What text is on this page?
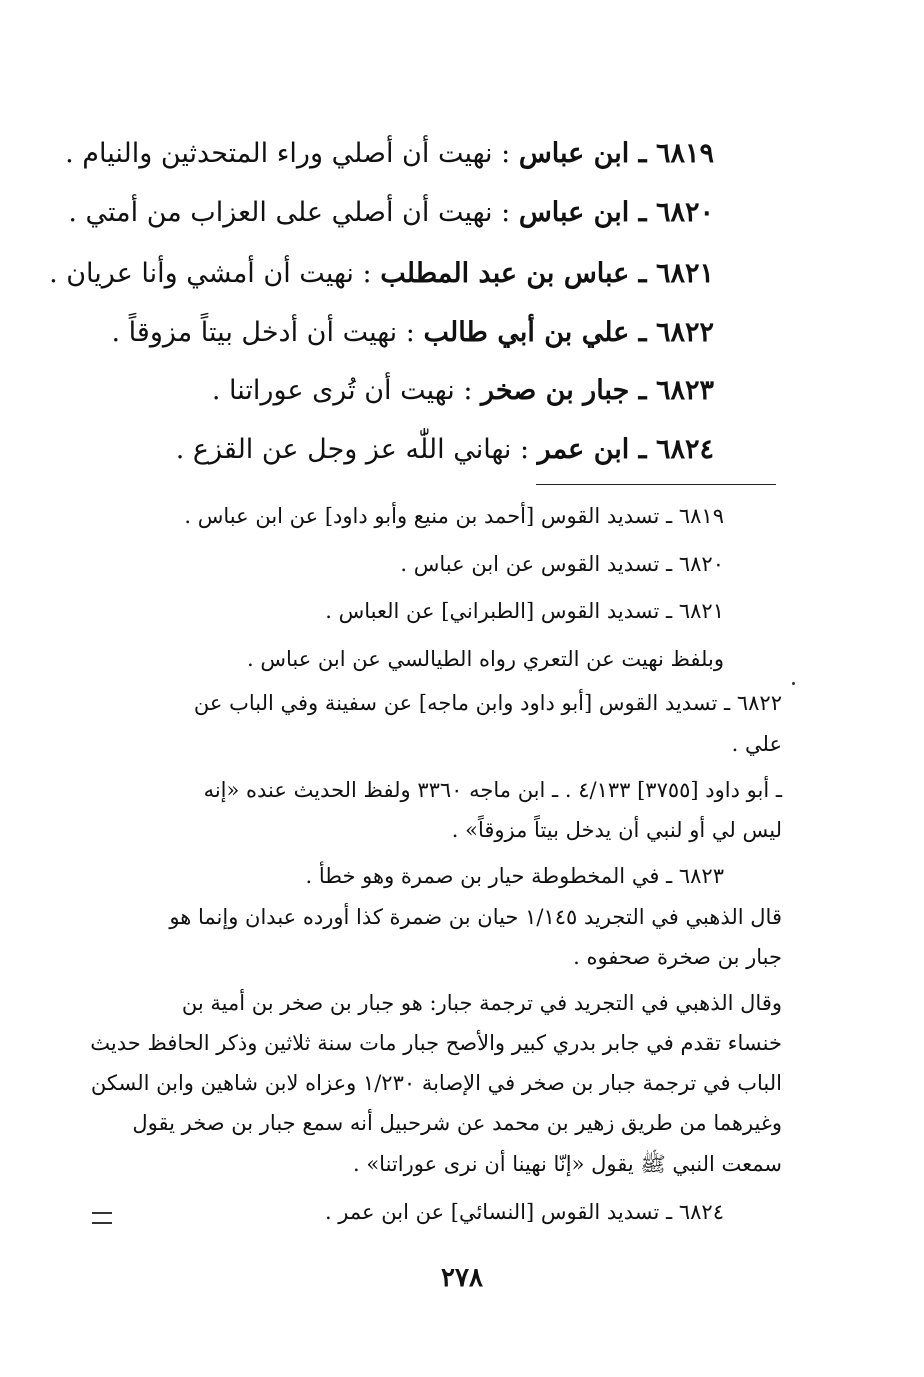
٦٨١٩ ـ ابن عباس : نهيت أن أصلي وراء المتحدثين والنيام .
٦٨٢٠ ـ ابن عباس : نهيت أن أصلي على العزاب من أمتي .
٦٨٢١ ـ عباس بن عبد المطلب : نهيت أن أمشي وأنا عريان .
٦٨٢٢ ـ علي بن أبي طالب : نهيت أن أدخل بيتاً مزوقاً .
٦٨٢٣ ـ جبار بن صخر : نهيت أن تُرى عوراتنا .
٦٨٢٤ ـ ابن عمر : نهاني اللّٰه عز وجل عن القزع .
٦٨١٩ ـ تسديد القوس [أحمد بن منيع وأبو داود] عن ابن عباس .
٦٨٢٠ ـ تسديد القوس عن ابن عباس .
٦٨٢١ ـ تسديد القوس [الطبراني] عن العباس .
وبلفظ نهيت عن التعري رواه الطيالسي عن ابن عباس .
٦٨٢٢ ـ تسديد القوس [أبو داود وابن ماجه] عن سفينة وفي الباب عن
علي .
ـ أبو داود [٣٧٥٥] ٤/١٣٣ . ـ ابن ماجه ٣٣٦٠ ولفظ الحديث عنده «إنه
ليس لي أو لنبي أن يدخل بيتاً مزوقاً» .
٦٨٢٣ ـ في المخطوطة حيار بن صمرة وهو خطأ .
قال الذهبي في التجريد ١/١٤٥ حيان بن ضمرة كذا أورده عبدان وإنما هو
جبار بن صخرة صحفوه .
وقال الذهبي في التجريد في ترجمة جبار: هو جبار بن صخر بن أمية بن
خنساء تقدم في جابر بدري كبير والأصح جبار مات سنة ثلاثين وذكر الحافظ حديث
الباب في ترجمة جبار بن صخر في الإصابة ١/٢٣٠ وعزاه لابن شاهين وابن السكن
وغيرهما من طريق زهير بن محمد عن شرحبيل أنه سمع جبار بن صخر يقول
سمعت النبي ﷺ يقول «إنّا نهينا أن نرى عوراتنا» .
٦٨٢٤ ـ تسديد القوس [النسائي] عن ابن عمر .
٢٧٨
